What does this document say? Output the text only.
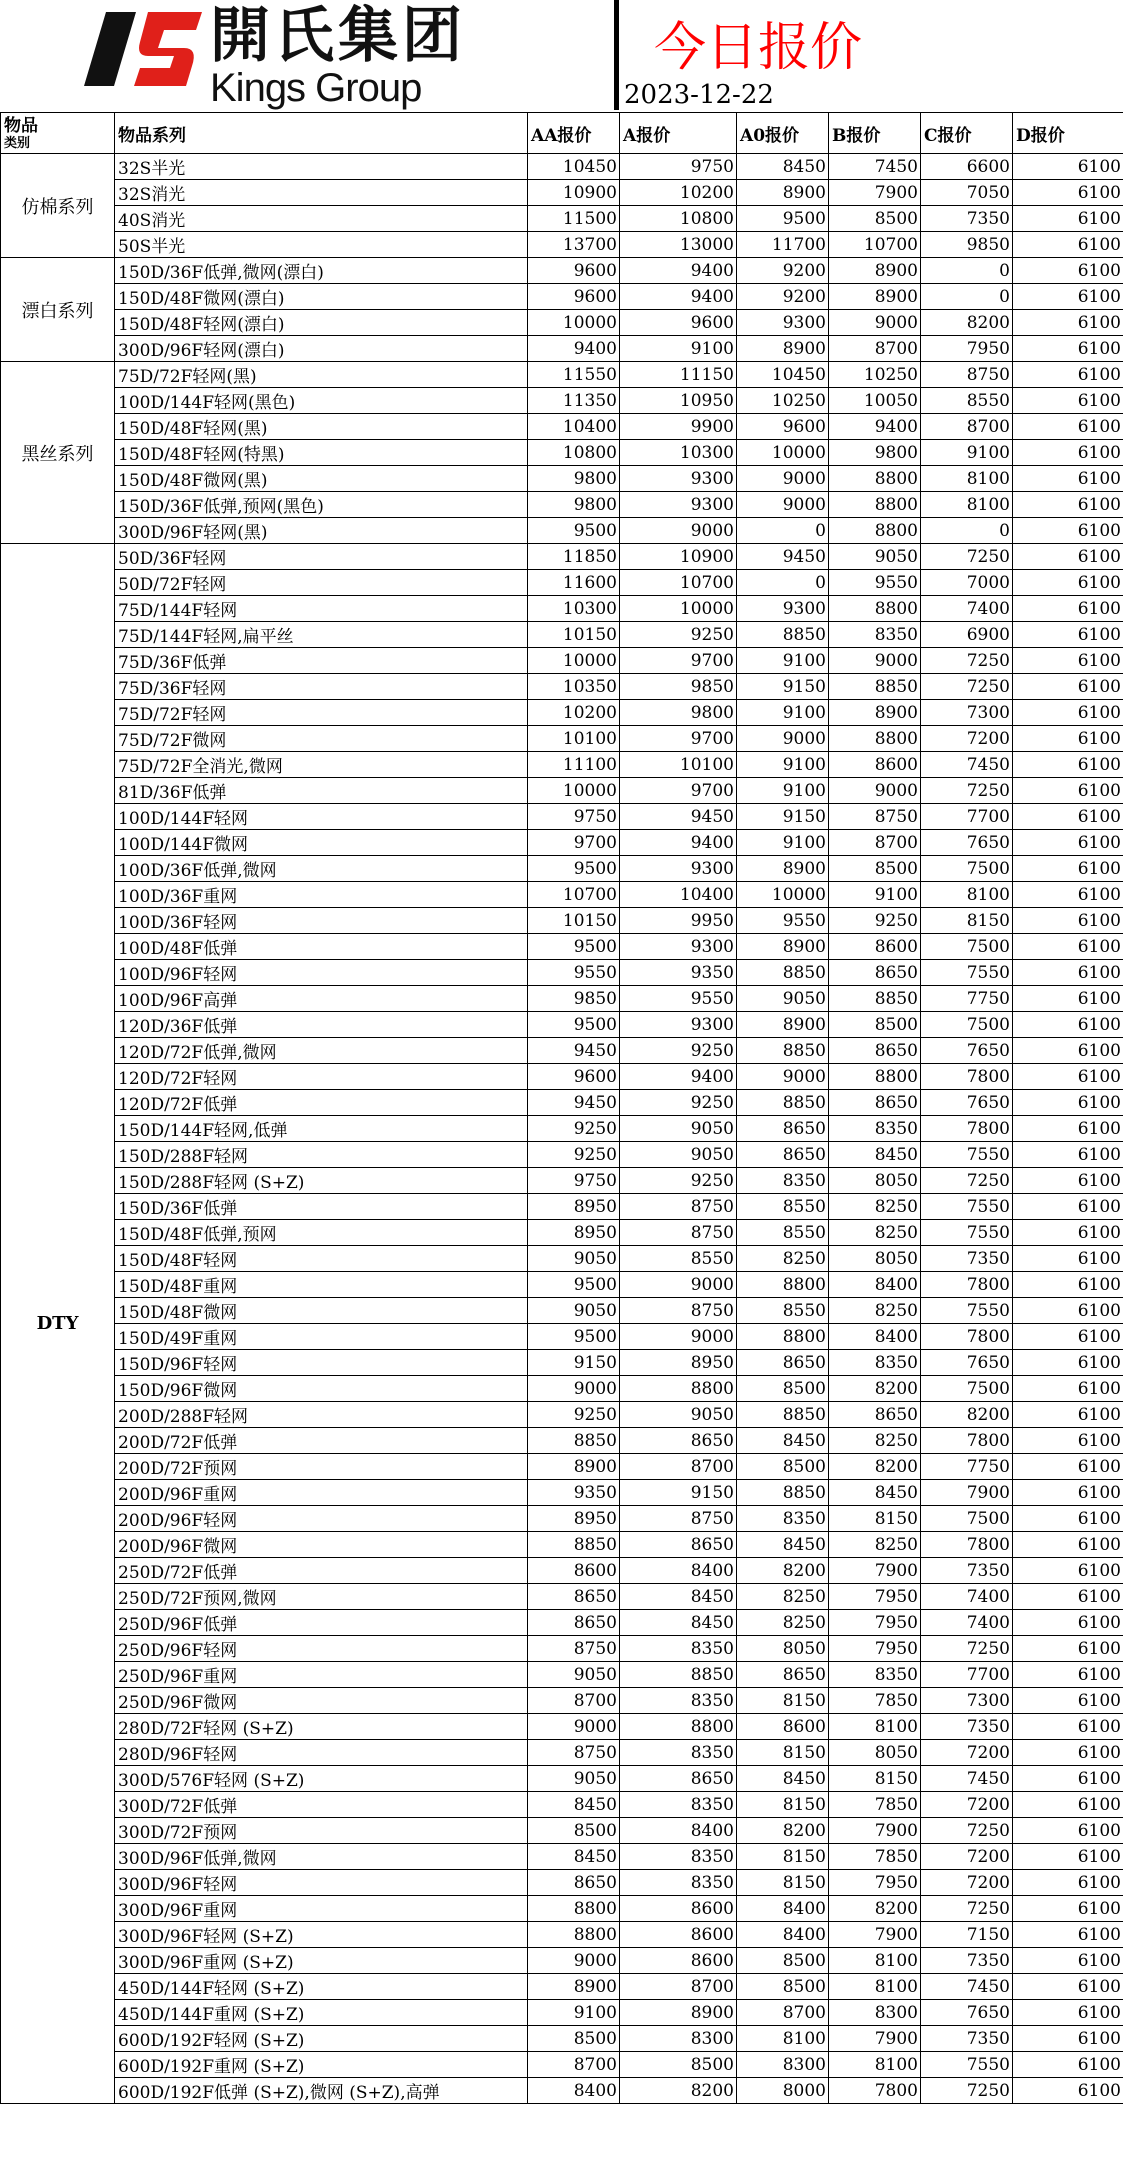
開氏集团
Kings Group
今日报价
2023-12-22
物品
类别	物品系列	AA报价	A报价	A0报价	B报价	C报价	D报价
仿棉系列	32S半光	10450	9750	8450	7450	6600	6100
	32S消光	10900	10200	8900	7900	7050	6100
	40S消光	11500	10800	9500	8500	7350	6100
	50S半光	13700	13000	11700	10700	9850	6100
漂白系列	150D/36F低弹,微网(漂白)	9600	9400	9200	8900	0	6100
	150D/48F微网(漂白)	9600	9400	9200	8900	0	6100
	150D/48F轻网(漂白)	10000	9600	9300	9000	8200	6100
	300D/96F轻网(漂白)	9400	9100	8900	8700	7950	6100
黑丝系列	75D/72F轻网(黑)	11550	11150	10450	10250	8750	6100
	100D/144F轻网(黑色)	11350	10950	10250	10050	8550	6100
	150D/48F轻网(黑)	10400	9900	9600	9400	8700	6100
	150D/48F轻网(特黑)	10800	10300	10000	9800	9100	6100
	150D/48F微网(黑)	9800	9300	9000	8800	8100	6100
	150D/36F低弹,预网(黑色)	9800	9300	9000	8800	8100	6100
	300D/96F轻网(黑)	9500	9000	0	8800	0	6100
DTY	50D/36F轻网	11850	10900	9450	9050	7250	6100
	50D/72F轻网	11600	10700	0	9550	7000	6100
	75D/144F轻网	10300	10000	9300	8800	7400	6100
	75D/144F轻网,扁平丝	10150	9250	8850	8350	6900	6100
	75D/36F低弹	10000	9700	9100	9000	7250	6100
	75D/36F轻网	10350	9850	9150	8850	7250	6100
	75D/72F轻网	10200	9800	9100	8900	7300	6100
	75D/72F微网	10100	9700	9000	8800	7200	6100
	75D/72F全消光,微网	11100	10100	9100	8600	7450	6100
	81D/36F低弹	10000	9700	9100	9000	7250	6100
	100D/144F轻网	9750	9450	9150	8750	7700	6100
	100D/144F微网	9700	9400	9100	8700	7650	6100
	100D/36F低弹,微网	9500	9300	8900	8500	7500	6100
	100D/36F重网	10700	10400	10000	9100	8100	6100
	100D/36F轻网	10150	9950	9550	9250	8150	6100
	100D/48F低弹	9500	9300	8900	8600	7500	6100
	100D/96F轻网	9550	9350	8850	8650	7550	6100
	100D/96F高弹	9850	9550	9050	8850	7750	6100
	120D/36F低弹	9500	9300	8900	8500	7500	6100
	120D/72F低弹,微网	9450	9250	8850	8650	7650	6100
	120D/72F轻网	9600	9400	9000	8800	7800	6100
	120D/72F低弹	9450	9250	8850	8650	7650	6100
	150D/144F轻网,低弹	9250	9050	8650	8350	7800	6100
	150D/288F轻网	9250	9050	8650	8450	7550	6100
	150D/288F轻网 (S+Z)	9750	9250	8350	8050	7250	6100
	150D/36F低弹	8950	8750	8550	8250	7550	6100
	150D/48F低弹,预网	8950	8750	8550	8250	7550	6100
	150D/48F轻网	9050	8550	8250	8050	7350	6100
	150D/48F重网	9500	9000	8800	8400	7800	6100
	150D/48F微网	9050	8750	8550	8250	7550	6100
	150D/49F重网	9500	9000	8800	8400	7800	6100
	150D/96F轻网	9150	8950	8650	8350	7650	6100
	150D/96F微网	9000	8800	8500	8200	7500	6100
	200D/288F轻网	9250	9050	8850	8650	8200	6100
	200D/72F低弹	8850	8650	8450	8250	7800	6100
	200D/72F预网	8900	8700	8500	8200	7750	6100
	200D/96F重网	9350	9150	8850	8450	7900	6100
	200D/96F轻网	8950	8750	8350	8150	7500	6100
	200D/96F微网	8850	8650	8450	8250	7800	6100
	250D/72F低弹	8600	8400	8200	7900	7350	6100
	250D/72F预网,微网	8650	8450	8250	7950	7400	6100
	250D/96F低弹	8650	8450	8250	7950	7400	6100
	250D/96F轻网	8750	8350	8050	7950	7250	6100
	250D/96F重网	9050	8850	8650	8350	7700	6100
	250D/96F微网	8700	8350	8150	7850	7300	6100
	280D/72F轻网 (S+Z)	9000	8800	8600	8100	7350	6100
	280D/96F轻网	8750	8350	8150	8050	7200	6100
	300D/576F轻网 (S+Z)	9050	8650	8450	8150	7450	6100
	300D/72F低弹	8450	8350	8150	7850	7200	6100
	300D/72F预网	8500	8400	8200	7900	7250	6100
	300D/96F低弹,微网	8450	8350	8150	7850	7200	6100
	300D/96F轻网	8650	8350	8150	7950	7200	6100
	300D/96F重网	8800	8600	8400	8200	7250	6100
	300D/96F轻网 (S+Z)	8800	8600	8400	7900	7150	6100
	300D/96F重网 (S+Z)	9000	8600	8500	8100	7350	6100
	450D/144F轻网 (S+Z)	8900	8700	8500	8100	7450	6100
	450D/144F重网 (S+Z)	9100	8900	8700	8300	7650	6100
	600D/192F轻网 (S+Z)	8500	8300	8100	7900	7350	6100
	600D/192F重网 (S+Z)	8700	8500	8300	8100	7550	6100
	600D/192F低弹 (S+Z),微网 (S+Z),高弹	8400	8200	8000	7800	7250	6100
